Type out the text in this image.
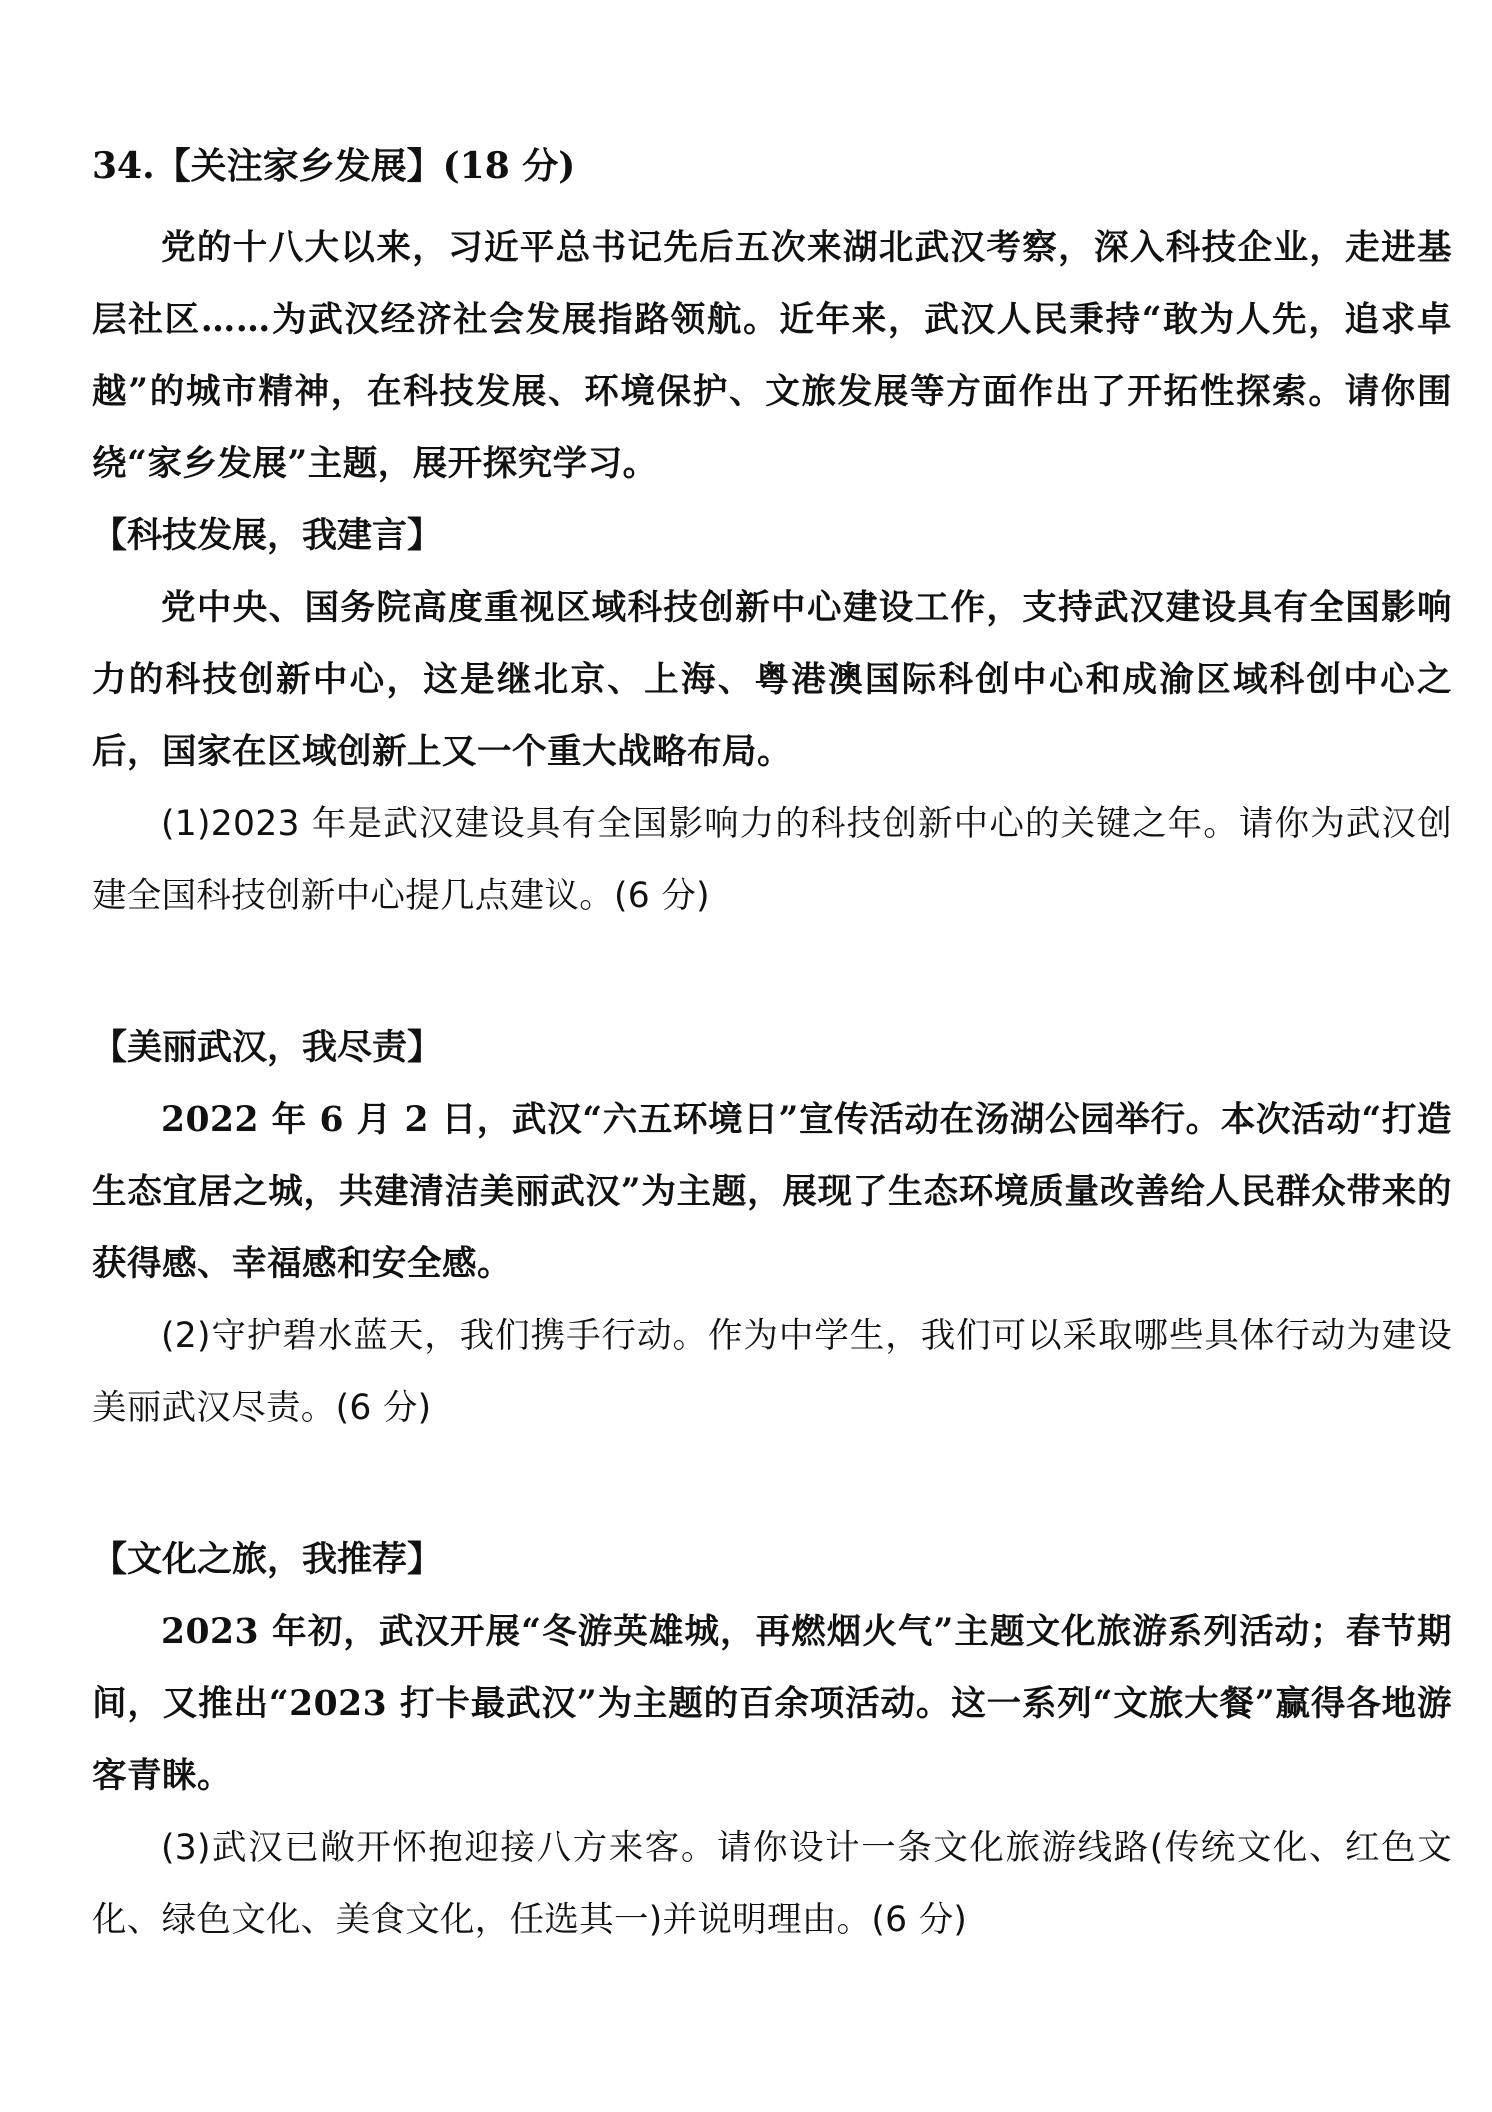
34.【关注家乡发展】(18 分)

党的十八大以来，习近平总书记先后五次来湖北武汉考察，深入科技企业，走进基层社区……为武汉经济社会发展指路领航。近年来，武汉人民秉持“敢为人先，追求卓越”的城市精神，在科技发展、环境保护、文旅发展等方面作出了开拓性探索。请你围绕“家乡发展”主题，展开探究学习。

【科技发展，我建言】

党中央、国务院高度重视区域科技创新中心建设工作，支持武汉建设具有全国影响力的科技创新中心，这是继北京、上海、粤港澳国际科创中心和成渝区域科创中心之后，国家在区域创新上又一个重大战略布局。

(1)2023 年是武汉建设具有全国影响力的科技创新中心的关键之年。请你为武汉创建全国科技创新中心提几点建议。(6 分)

【美丽武汉，我尽责】

2022 年 6 月 2 日，武汉“六五环境日”宣传活动在汤湖公园举行。本次活动“打造生态宜居之城，共建清洁美丽武汉”为主题，展现了生态环境质量改善给人民群众带来的获得感、幸福感和安全感。

(2)守护碧水蓝天，我们携手行动。作为中学生，我们可以采取哪些具体行动为建设美丽武汉尽责。(6 分)

【文化之旅，我推荐】

2023 年初，武汉开展“冬游英雄城，再燃烟火气”主题文化旅游系列活动；春节期间，又推出“2023 打卡最武汉”为主题的百余项活动。这一系列“文旅大餐”赢得各地游客青睐。

(3)武汉已敞开怀抱迎接八方来客。请你设计一条文化旅游线路(传统文化、红色文化、绿色文化、美食文化，任选其一)并说明理由。(6 分)
